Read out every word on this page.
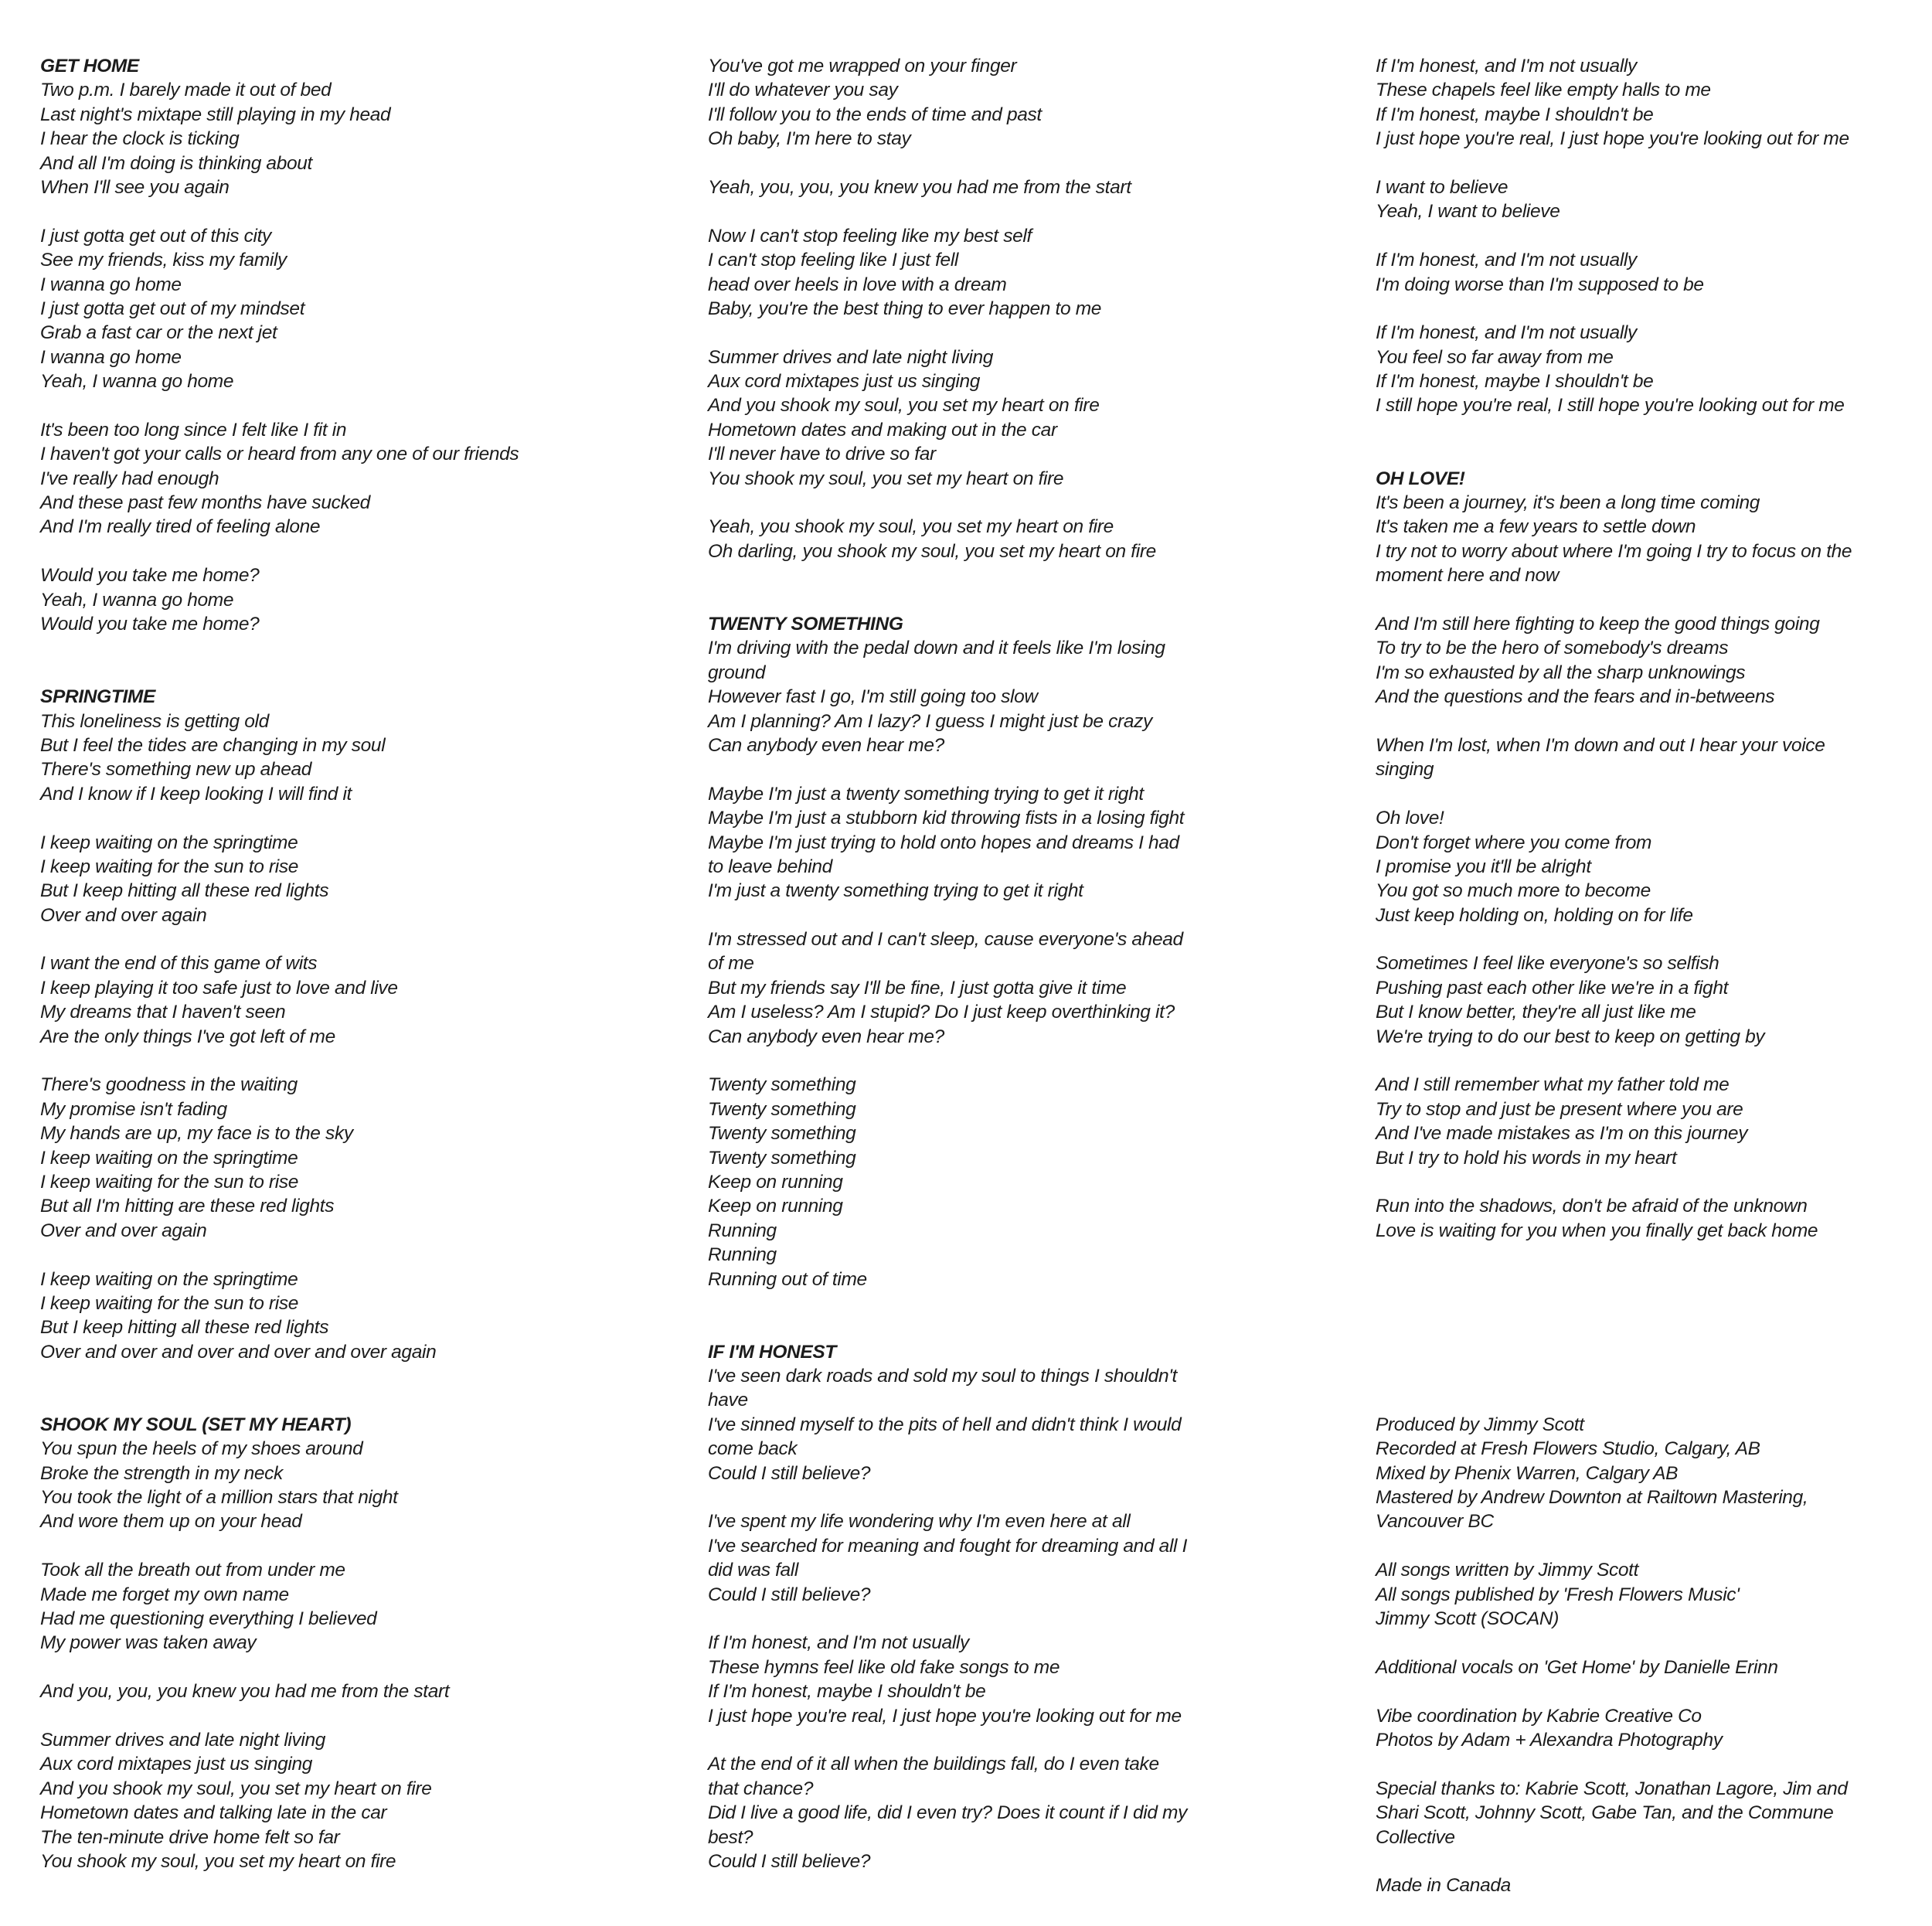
GET HOME
Two p.m. I barely made it out of bed
Last night's mixtape still playing in my head
I hear the clock is ticking
And all I'm doing is thinking about
When I'll see you again
I just gotta get out of this city
See my friends, kiss my family
I wanna go home
I just gotta get out of my mindset
Grab a fast car or the next jet
I wanna go home
Yeah, I wanna go home
It's been too long since I felt like I fit in
I haven't got your calls or heard from any one of our friends
I've really had enough
And these past few months have sucked
And I'm really tired of feeling alone
Would you take me home?
Yeah, I wanna go home
Would you take me home?
SPRINGTIME
This loneliness is getting old
But I feel the tides are changing in my soul
There's something new up ahead
And I know if I keep looking I will find it
I keep waiting on the springtime
I keep waiting for the sun to rise
But I keep hitting all these red lights
Over and over again
I want the end of this game of wits
I keep playing it too safe just to love and live
My dreams that I haven't seen
Are the only things I've got left of me
There's goodness in the waiting
My promise isn't fading
My hands are up, my face is to the sky
I keep waiting on the springtime
I keep waiting for the sun to rise
But all I'm hitting are these red lights
Over and over again
I keep waiting on the springtime
I keep waiting for the sun to rise
But I keep hitting all these red lights
Over and over and over and over and over again
SHOOK MY SOUL (SET MY HEART)
You spun the heels of my shoes around
Broke the strength in my neck
You took the light of a million stars that night
And wore them up on your head
Took all the breath out from under me
Made me forget my own name
Had me questioning everything I believed
My power was taken away
And you, you, you knew you had me from the start
Summer drives and late night living
Aux cord mixtapes just us singing
And you shook my soul, you set my heart on fire
Hometown dates and talking late in the car
The ten-minute drive home felt so far
You shook my soul, you set my heart on fire
You've got me wrapped on your finger
I'll do whatever you say
I'll follow you to the ends of time and past
Oh baby, I'm here to stay
Yeah, you, you, you knew you had me from the start
Now I can't stop feeling like my best self
I can't stop feeling like I just fell
head over heels in love with a dream
Baby, you're the best thing to ever happen to me
Summer drives and late night living
Aux cord mixtapes just us singing
And you shook my soul, you set my heart on fire
Hometown dates and making out in the car
I'll never have to drive so far
You shook my soul, you set my heart on fire
Yeah, you shook my soul, you set my heart on fire
Oh darling, you shook my soul, you set my heart on fire
TWENTY SOMETHING
I'm driving with the pedal down and it feels like I'm losing
ground
However fast I go, I'm still going too slow
Am I planning? Am I lazy? I guess I might just be crazy
Can anybody even hear me?
Maybe I'm just a twenty something trying to get it right
Maybe I'm just a stubborn kid throwing fists in a losing fight
Maybe I'm just trying to hold onto hopes and dreams I had
to leave behind
I'm just a twenty something trying to get it right
I'm stressed out and I can't sleep, cause everyone's ahead
of me
But my friends say I'll be fine, I just gotta give it time
Am I useless? Am I stupid? Do I just keep overthinking it?
Can anybody even hear me?
Twenty something
Twenty something
Twenty something
Twenty something
Keep on running
Keep on running
Running
Running
Running out of time
IF I'M HONEST
I've seen dark roads and sold my soul to things I shouldn't
have
I've sinned myself to the pits of hell and didn't think I would
come back
Could I still believe?
I've spent my life wondering why I'm even here at all
I've searched for meaning and fought for dreaming and all I
did was fall
Could I still believe?
If I'm honest, and I'm not usually
These hymns feel like old fake songs to me
If I'm honest, maybe I shouldn't be
I just hope you're real, I just hope you're looking out for me
At the end of it all when the buildings fall, do I even take
that chance?
Did I live a good life, did I even try? Does it count if I did my
best?
Could I still believe?
If I'm honest, and I'm not usually
These chapels feel like empty halls to me
If I'm honest, maybe I shouldn't be
I just hope you're real, I just hope you're looking out for me
I want to believe
Yeah, I want to believe
If I'm honest, and I'm not usually
I'm doing worse than I'm supposed to be
If I'm honest, and I'm not usually
You feel so far away from me
If I'm honest, maybe I shouldn't be
I still hope you're real, I still hope you're looking out for me
OH LOVE!
It's been a journey, it's been a long time coming
It's taken me a few years to settle down
I try not to worry about where I'm going I try to focus on the
moment here and now
And I'm still here fighting to keep the good things going
To try to be the hero of somebody's dreams
I'm so exhausted by all the sharp unknowings
And the questions and the fears and in-betweens
When I'm lost, when I'm down and out I hear your voice
singing
Oh love!
Don't forget where you come from
I promise you it'll be alright
You got so much more to become
Just keep holding on, holding on for life
Sometimes I feel like everyone's so selfish
Pushing past each other like we're in a fight
But I know better, they're all just like me
We're trying to do our best to keep on getting by
And I still remember what my father told me
Try to stop and just be present where you are
And I've made mistakes as I'm on this journey
But I try to hold his words in my heart
Run into the shadows, don't be afraid of the unknown
Love is waiting for you when you finally get back home
Produced by Jimmy Scott
Recorded at Fresh Flowers Studio, Calgary, AB
Mixed by Phenix Warren, Calgary AB
Mastered by Andrew Downton at Railtown Mastering,
Vancouver BC
All songs written by Jimmy Scott
All songs published by 'Fresh Flowers Music'
Jimmy Scott (SOCAN)
Additional vocals on 'Get Home' by Danielle Erinn
Vibe coordination by Kabrie Creative Co
Photos by Adam + Alexandra Photography
Special thanks to: Kabrie Scott, Jonathan Lagore, Jim and
Shari Scott, Johnny Scott, Gabe Tan, and the Commune
Collective
Made in Canada
